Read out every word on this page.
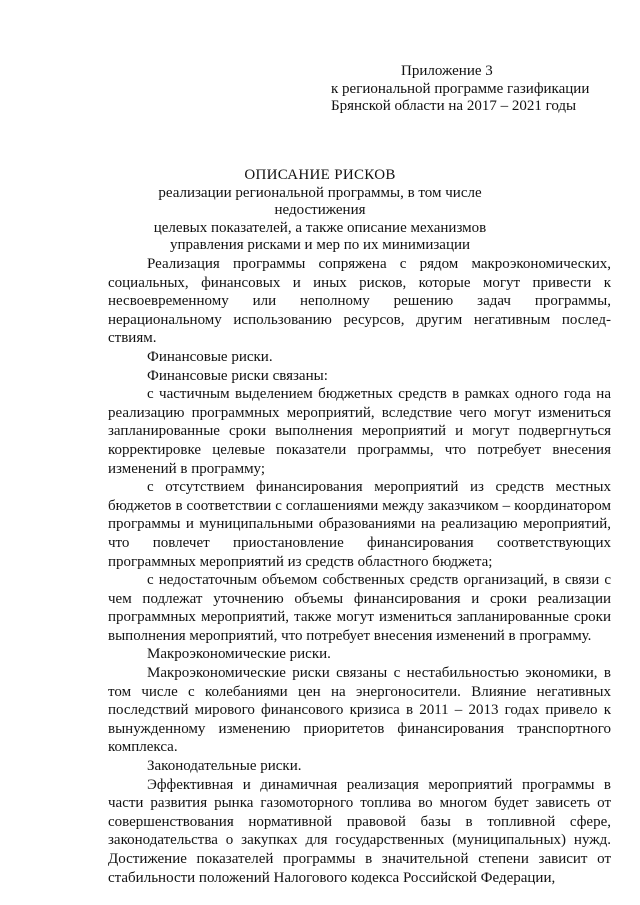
Приложение 3
к региональной программе газификации
Брянской области на 2017 – 2021 годы
ОПИСАНИЕ РИСКОВ
реализации региональной программы, в том числе недостижения
целевых показателей, а также описание механизмов
управления рисками и мер по их минимизации

Реализация программы сопряжена с рядом макроэкономических, социальных, финансовых и иных рисков, которые могут привести к несвоевременному или неполному решению задач программы, нерациональному использованию ресурсов, другим негативным последствиям.

Финансовые риски.

Финансовые риски связаны:

с частичным выделением бюджетных средств в рамках одного года на реализацию программных мероприятий, вследствие чего могут измениться запланированные сроки выполнения мероприятий и могут подвергнуться корректировке целевые показатели программы, что потребует внесения изменений в программу;

с отсутствием финансирования мероприятий из средств местных бюджетов в соответствии с соглашениями между заказчиком – координатором программы и муниципальными образованиями на реализацию мероприятий, что повлечет приостановление финансирования соответствующих программных мероприятий из средств областного бюджета;

с недостаточным объемом собственных средств организаций, в связи с чем подлежат уточнению объемы финансирования и сроки реализации программных мероприятий, также могут измениться запланированные сроки выполнения мероприятий, что потребует внесения изменений в программу.

Макроэкономические риски.

Макроэкономические риски связаны с нестабильностью экономики, в том числе с колебаниями цен на энергоносители. Влияние негативных последствий мирового финансового кризиса в 2011 – 2013 годах привело к вынужденному изменению приоритетов финансирования транспортного комплекса.

Законодательные риски.

Эффективная и динамичная реализация мероприятий программы в части развития рынка газомоторного топлива во многом будет зависеть от совершенствования нормативной правовой базы в топливной сфере, законодательства о закупках для государственных (муниципальных) нужд. Достижение показателей программы в значительной степени зависит от стабильности положений Налогового кодекса Российской Федерации,
